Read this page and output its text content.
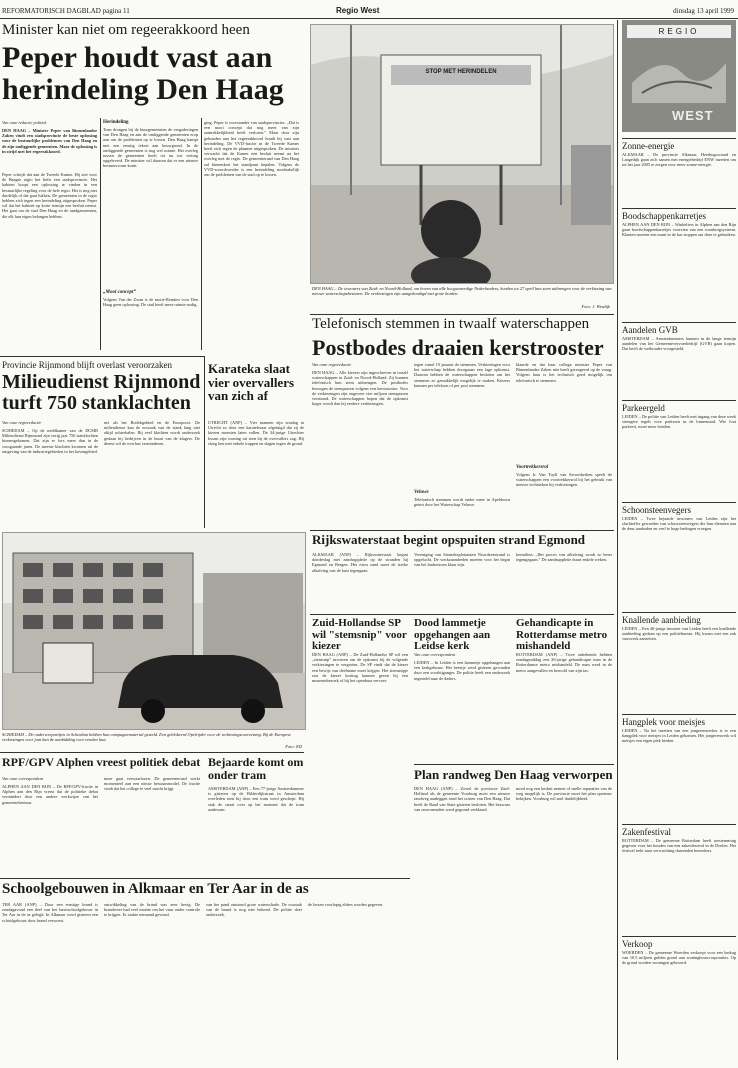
REFORMATORISCH DAGBLAD pagina 11	Regio West	dinsdag 13 april 1999
Minister kan niet om regeerakkoord heen
Peper houdt vast aan herindeling Den Haag
Van onze redactie politiek
DEN HAAG – Minister Peper van Binnenlandse Zaken vindt een stadsprovincie de beste oplossing voor de bestuurlijke problemen van Den Haag en de zijn omliggende gemeenten. Maar de oplossing is in strijd met het regeerakkoord.
Peper schrijft dat aan de Tweede Kamer. Hij ziet voor de Haagse regio het liefst een stadsprovincie. Het kabinet hoopt een oplossing te vinden in een bestuurlijke regeling voor de hele regio. Het is nog niet duidelijk of dat gaat lukken. De gemeenten in de regio hebben zich tegen een herindeling uitgesproken. Peper wil dat het kabinet op korte termijn een besluit neemt. Het gaat om de stad Den Haag en de randgemeenten, die elk hun eigen belangen hebben.
Herindeling
Toen drongen bij de buurgemeenten de vergaderingen van Den Haag en aan de omliggende gemeenten erop aan om de problemen op te lossen. Den Haag kampt met een ernstig tekort aan bouwgrond. In de omliggende gemeenten is nog wel ruimte. Het overleg tussen de gemeenten heeft tot nu toe weinig opgeleverd. De minister wil daarom dat er een nieuwe bestuursvorm komt.
„Mooi concept”
Volgens Van der Zwan is de motie-Remkes voor Den Haag geen oplossing. De stad heeft meer ruimte nodig.
ging. Peper is voorstander van stadsprovincies. „Dat is een mooi concept dat nog meer van zijn aantrekkelijkheid heeft verloren.” Maar door zijn gebonden aan het regeerakkoord houdt hij vast aan herindeling. De VVD-fractie in de Tweede Kamer heeft zich tegen de plannen uitgesproken. De minister verwacht dat de Kamer een besluit neemt na het overleg met de regio. De gemeenteraad van Den Haag zal binnenkort het standpunt bepalen. Volgens de VVD-woordvoerder is een herindeling noodzakelijk om de problemen van de stad op te lossen.
STOP MET HERINDELEN
DEN HAAG – De inwoners van Zuid- en Noord-Holland, om boven van alle hoogwaterdige Nederlanders, konden tot 27 april hun stem uitbrengen voor de verkiezing van nieuwe waterschapsbesturen. De verkiezingen zijn aangekondigd met grote borden.
Foto: J. Wesdijk
Telefonisch stemmen in twaalf waterschappen
Postbodes draaien kerstrooster
Van onze regioredactie
DEN HAAG – Alle kiezers zijn ingeschreven in twaalf waterschappen in Zuid- en Noord-Holland. Zij kunnen telefonisch hun stem uitbrengen. De postbodes bezorgen de stempassen volgens een kerstrooster. Voor de verkiezingen zijn ongeveer vier miljoen stempassen verstuurd. De waterschappen hopen dat de opkomst hoger wordt dan bij eerdere verkiezingen.
Veluwe
tegen vanaf 19 januari de stemmen. Verkiezingen voor het waterschap hebben doorgaans een lage opkomst. Daarom hebben de waterschappen besloten om het stemmen zo gemakkelijk mogelijk te maken. Kiezers kunnen per telefoon of per post stemmen.
Telefonisch stemmen wordt onder meer in Apeldoorn getest door het Waterschap Veluwe.
klaarde en dat haar collega minister Peper van Binnenlandse Zaken niet heeft gereageerd op de vraag. Volgens haar is het technisch goed mogelijk om telefonisch te stemmen.
Voortrekkersrol
Volgens Ir. Van Tuyll van Serooskerken speelt de waterschappen een voortrekkersrol bij het gebruik van nieuwe technieken bij verkiezingen.
Provincie Rijnmond blijft overlast veroorzaken
Milieudienst Rijnmond turft 750 stanklachten
Van onze regioredactie
SCHIEDAM – Op de meldkamer van de DCMR Milieudienst Rijnmond zijn vorig jaar 750 stanklachten binnengekomen. Dat zijn er fors meer dan in de voorgaande jaren. De meeste klachten kwamen uit de omgeving van de industriegebieden in het havengebied.
net als het Botlekgebied en de Europoort. De milieudienst kan de oorzaak van de stank lang niet altijd achterhalen. Bij veel klachten wordt onderzoek gedaan bij bedrijven in de buurt van de klagers. De dienst wil de overlast verminderen.
Karateka slaat vier overvallers van zich af
UTRECHT (ANP) – Vier mannen zijn zondag in Utrecht zo door een karateleraar afgetuigd dat zij de kiezen moesten laten vallen. De 34-jarige Utrechter kwam zijn woning uit toen hij de overvallers zag. Hij sloeg hen met enkele trappen en slagen tegen de grond.
SCHIEDAM – De onderwerpartijen in Schiedam hebben hun campagnematerial gesteld. Een geblokeerd Opelrijder voor de verkiezingsoverzetting. Bij de Europese verkiezingen voor juni kan de aanbidding voor eenden laat.
Foto: ED
Rijkswaterstaat begint opspuiten strand Egmond
ALKMAAR (ANP) – Rijkswaterstaat begint donderdag met zandsuppletie op de stranden bij Egmond en Bergen. Het extra zand moet de sterke afkalving van de kust tegengaan.
Vereniging van Strandexploitanten Noordzeestrand is opgelucht. De werkzaamheden moeten voor het begin van het badseizoen klaar zijn.
kermilien. „Het proces van afkalving wordt zo beter tegengegaan.” De zandsuppletie duurt enkele weken.
Zuid-Hollandse SP wil "stemsnip" voor kiezer
DEN HAAG (ANP) – De Zuid-Hollandse SP wil een „stemsnip” invoeren om de opkomst bij de volgende verkiezingen te vergroten. De SP vindt dat de kiezer een bewijs van deelname moet krijgen. Het stemsnipje zou de kiezer korting kunnen geven bij een museumbezoek of bij het openbaar vervoer.
Dood lammetje opgehangen aan Leidse kerk
Van onze correspondent
LEIDEN – In Leiden is een lammetje opgehangen aan een kerkgebouw. Het beestje werd gisteren gevonden door een voorbijganger. De politie heeft een onderzoek ingesteld naar de daders.
Gehandicapte in Rotterdamse metro mishandeld
ROTTERDAM (ANP) – Twee onbekende hebben zondagmiddag een 26-jarige gehandicapte man in de Rotterdamse metro mishandeld. De man werd in de metro aangevallen en beroofd van zijn tas.
Plan randweg Den Haag verworpen
DEN HAAG (ANP) – Zowel de provincie Zuid-Holland als de gemeente Voorburg moet een nieuwe randweg aanleggen rond het oosten van Den Haag. Dat heeft de Raad van State gisteren besloten. Het bezwaar van omwonenden werd gegrond verklaard.
mord nog een besluit nemen of snelle reparaties van de weg mogelijk is. De provincie moet het plan opnieuw bekijken. Voorburg wil snel duidelijkheid.
RPF/GPV Alphen vreest politiek debat
Van onze correspondent
ALPHEN AAN DEN RIJN – De RPF/GPV-fractie in Alphen aan den Rijn vreest dat de politieke debat vermindert door een andere werkwijze van het gemeentebestuur.
meer gaat verwaarlozen. De gemeenteraad werkt momenteel aan een nieuw bestuursmodel. De fractie vindt dat het college te veel macht krijgt.
Bejaarde komt om onder tram
AMSTERDAM (ANP) – Een 77-jarige Amsterdammer is gisteren op de Bilderdijkstraat in Amsterdam overleden toen hij door een tram werd geschept. Hij stak de straat over op het moment dat de tram aankwam.
Schoolgebouwen in Alkmaar en Ter Aar in de as
TER AAR (ANP) – Door een ernstige brand is zondagavond een deel van het basisschoolgebouw in Ter Aar in de as gelegd. In Alkmaar werd gisteren een schoolgebouw door brand verwoest.
ontwikkeling van de brand was zeer hevig. De brandweer had veel moeite om het vuur onder controle te krijgen. Er raakte niemand gewond.
van het pand ontstond grote waterschade. De oorzaak van de brand is nog niet bekend. De politie doet onderzoek.
de lessen voorlopig elders worden gegeven.
REGIO
WEST
Zonne-energie
ALKMAAR – De provincie Alkmaar, Heerhugowaard en Langedijk gaan zich samen met energiebedrijf ENW inzetten om tot het jaar 2005 te zorgen voor meer zonne-energie.
Boodschappenkarretjes
ALPHEN AAN DEN RIJN – Winkeliers in Alphen aan den Rijn gaan boodschappenkarretjes voorzien van een waarborgsysteem. Klanten moeten een munt in de kar stoppen om deze te gebruiken.
Aandelen GVB
AMSTERDAM – Amsterdammers kunnen in de lange termijn aandelen van het Gemeentevervoerbedrijf (GVB) gaan kopen. Dat heeft de wethouder voorgesteld.
Parkeergeld
LEIDEN – De politie van Leiden heeft met ingang van deze week strengere regels voor parkeren in de binnenstad. Wie fout parkeert, moet meer betalen.
Schoonsteenvegers
LEIDEN – Twee bejaarde inwoners van Leiden zijn het slachtoffer geworden van schoorsteenvegers die hun diensten aan de deur aanboden en veel te hoge bedragen vroegen.
Knallende aanbieding
LEIDEN – Een 46-jarige inwoner van Leiden heeft een knallende aanbieding gedaan op een politiebureau. Hij kwam met een zak vuurwerk aanzetten.
Hangplek voor meisjes
LEIDEN – Na het inzetten van een jongerenwerker is er een hangplek voor meisjes in Leiden gekomen. Het jongerenwerk wil meisjes een eigen plek bieden.
Zakenfestival
ROTTERDAM – De gemeente Rotterdam heeft toestemming gegeven voor het houden van een zakenfestival in de Doelen. Het festival trekt naar verwachting duizenden bezoekers.
Verkoop
WOERDEN – De gemeente Woerden verkoopt voor een bedrag van 10,5 miljoen gulden grond aan woningbouwcorporaties. Op de grond worden woningen gebouwd.
